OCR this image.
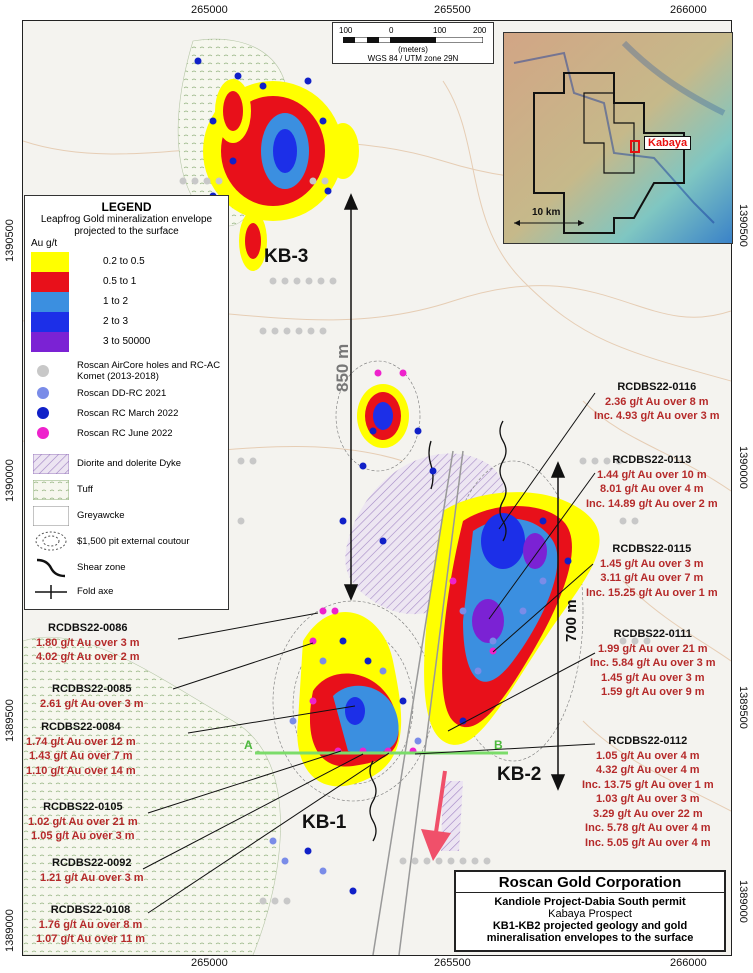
265000	265500	266000
265000	265500	266000
1390500
1390000
1389500
1389000
1390500
1390000
1389500
1389000
100	0	100	200
(meters)
WGS 84 / UTM zone 29N
Kabaya
10 km
LEGEND
Leapfrog Gold mineralization envelope projected to the surface
Au g/t
0.2 to 0.5
0.5 to 1
1 to 2
2 to 3
3 to 50000
Roscan AirCore holes and RC-AC Komet (2013-2018)
Roscan DD-RC 2021
Roscan RC March 2022
Roscan RC June 2022
Diorite and dolerite Dyke
Tuff
Greyawcke
$1,500 pit external coutour
Shear zone
Fold axe
KB-3
KB-2
KB-1
850 m
700 m
A	B
RCDBS22-0086
1.80 g/t Au over 3 m
4.02 g/t Au over 2 m
RCDBS22-0085
2.61 g/t Au over 3 m
RCDBS22-0084
1.74 g/t Au over 12 m
1.43 g/t Au over 7 m
1.10 g/t Au over 14 m
RCDBS22-0105
1.02 g/t Au over 21 m
1.05 g/t Au over 3 m
RCDBS22-0092
1.21 g/t Au over 3 m
RCDBS22-0108
1.76 g/t Au over 8 m
1.07 g/t Au over 11 m
RCDBS22-0116
2.36 g/t Au over 8 m
Inc. 4.93 g/t Au over 3 m
RCDBS22-0113
1.44 g/t Au over 10 m
8.01 g/t Au over 4 m
Inc. 14.89 g/t Au over 2 m
RCDBS22-0115
1.45 g/t Au over 3 m
3.11 g/t Au over 7 m
Inc. 15.25 g/t Au over 1 m
RCDBS22-0111
1.99 g/t Au over 21 m
Inc. 5.84 g/t Au over 3 m
1.45 g/t Au over 3 m
1.59 g/t Au over 9 m
RCDBS22-0112
1.05 g/t Au over 4 m
4.32 g/t Au over 4 m
Inc. 13.75 g/t Au over 1 m
1.03 g/t Au over 3 m
3.29 g/t Au over 22 m
Inc. 5.78 g/t Au over 4 m
Inc. 5.05 g/t Au over 4 m
Roscan Gold Corporation
Kandiole Project-Dabia South permit
Kabaya Prospect
KB1-KB2 projected geology and gold mineralisation envelopes to the surface
